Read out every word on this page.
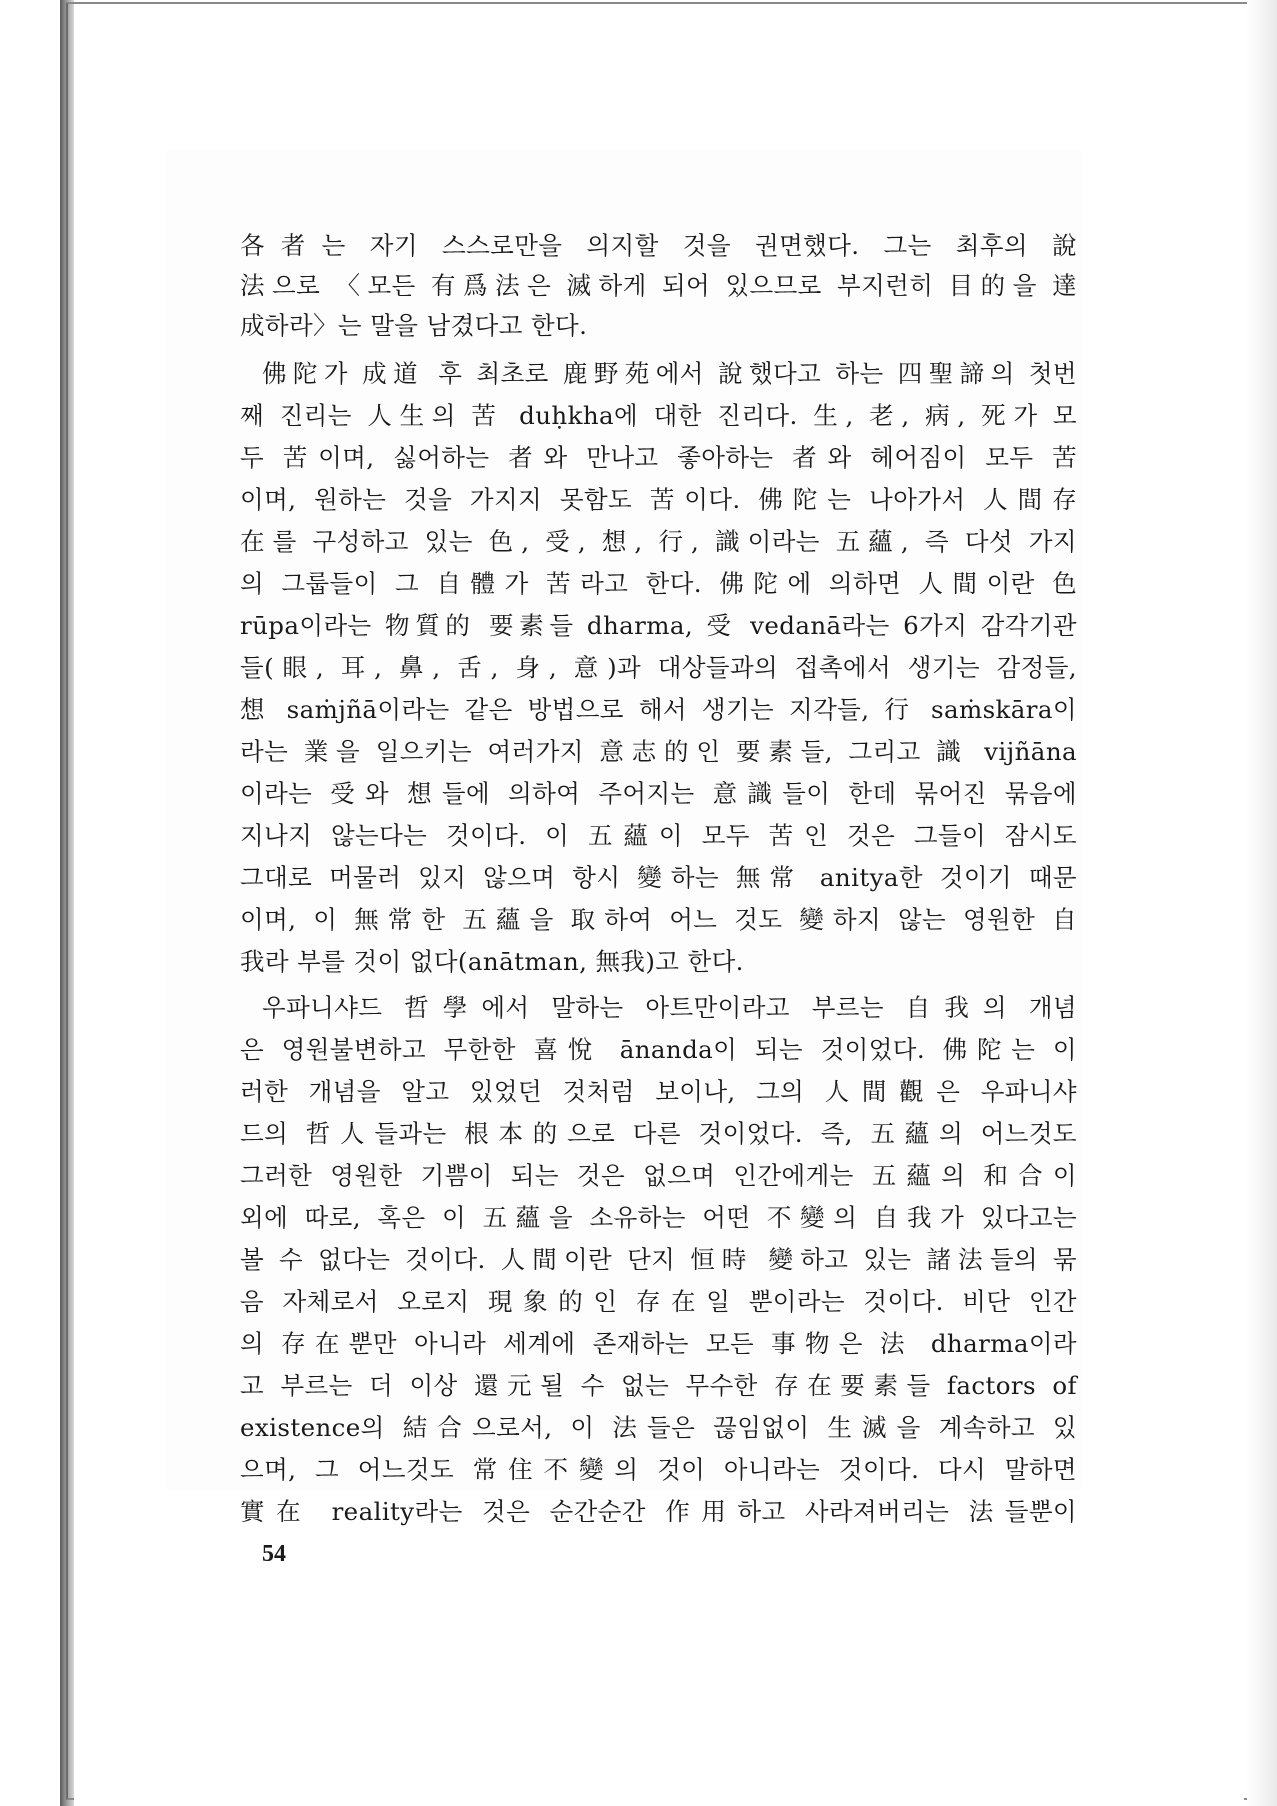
各者는 자기 스스로만을 의지할 것을 권면했다. 그는 최후의 說

法으로 〈모든 有爲法은 滅하게 되어 있으므로 부지런히 目的을 達

成하라〉는 말을 남겼다고 한다.

佛陀가 成道 후 최초로 鹿野苑에서 說했다고 하는 四聖諦의 첫번

째 진리는 人生의 苦 duḥkha에 대한 진리다. 生, 老, 病, 死가 모

두 苦이며, 싫어하는 者와 만나고 좋아하는 者와 헤어짐이 모두 苦

이며, 원하는 것을 가지지 못함도 苦이다. 佛陀는 나아가서 人間存

在를 구성하고 있는 色, 受, 想, 行, 識이라는 五蘊, 즉 다섯 가지

의 그룹들이 그 自體가 苦라고 한다. 佛陀에 의하면 人間이란 色

rūpa이라는 物質的 要素들 dharma, 受 vedanā라는 6가지 감각기관

들(眼, 耳, 鼻, 舌, 身, 意)과 대상들과의 접촉에서 생기는 감정들,

想 saṁjñā이라는 같은 방법으로 해서 생기는 지각들, 行 saṁskāra이

라는 業을 일으키는 여러가지 意志的인 要素들, 그리고 識 vijñāna

이라는 受와 想들에 의하여 주어지는 意識들이 한데 묶어진 묶음에

지나지 않는다는 것이다. 이 五蘊이 모두 苦인 것은 그들이 잠시도

그대로 머물러 있지 않으며 항시 變하는 無常 anitya한 것이기 때문

이며, 이 無常한 五蘊을 取하여 어느 것도 變하지 않는 영원한 自

我라 부를 것이 없다(anātman, 無我)고 한다.

우파니샤드 哲學에서 말하는 아트만이라고 부르는 自我의 개념

은 영원불변하고 무한한 喜悅 ānanda이 되는 것이었다. 佛陀는 이

러한 개념을 알고 있었던 것처럼 보이나, 그의 人間觀은 우파니샤

드의 哲人들과는 根本的으로 다른 것이었다. 즉, 五蘊의 어느것도

그러한 영원한 기쁨이 되는 것은 없으며 인간에게는 五蘊의 和合이

외에 따로, 혹은 이 五蘊을 소유하는 어떤 不變의 自我가 있다고는

볼 수 없다는 것이다. 人間이란 단지 恒時 變하고 있는 諸法들의 묶

음 자체로서 오로지 現象的인 存在일 뿐이라는 것이다. 비단 인간

의 存在뿐만 아니라 세계에 존재하는 모든 事物은 法 dharma이라

고 부르는 더 이상 還元될 수 없는 무수한 存在要素들 factors of

existence의 結合으로서, 이 法들은 끊임없이 生滅을 계속하고 있

으며, 그 어느것도 常住不變의 것이 아니라는 것이다. 다시 말하면

實在 reality라는 것은 순간순간 作用하고 사라져버리는 法들뿐이

54
